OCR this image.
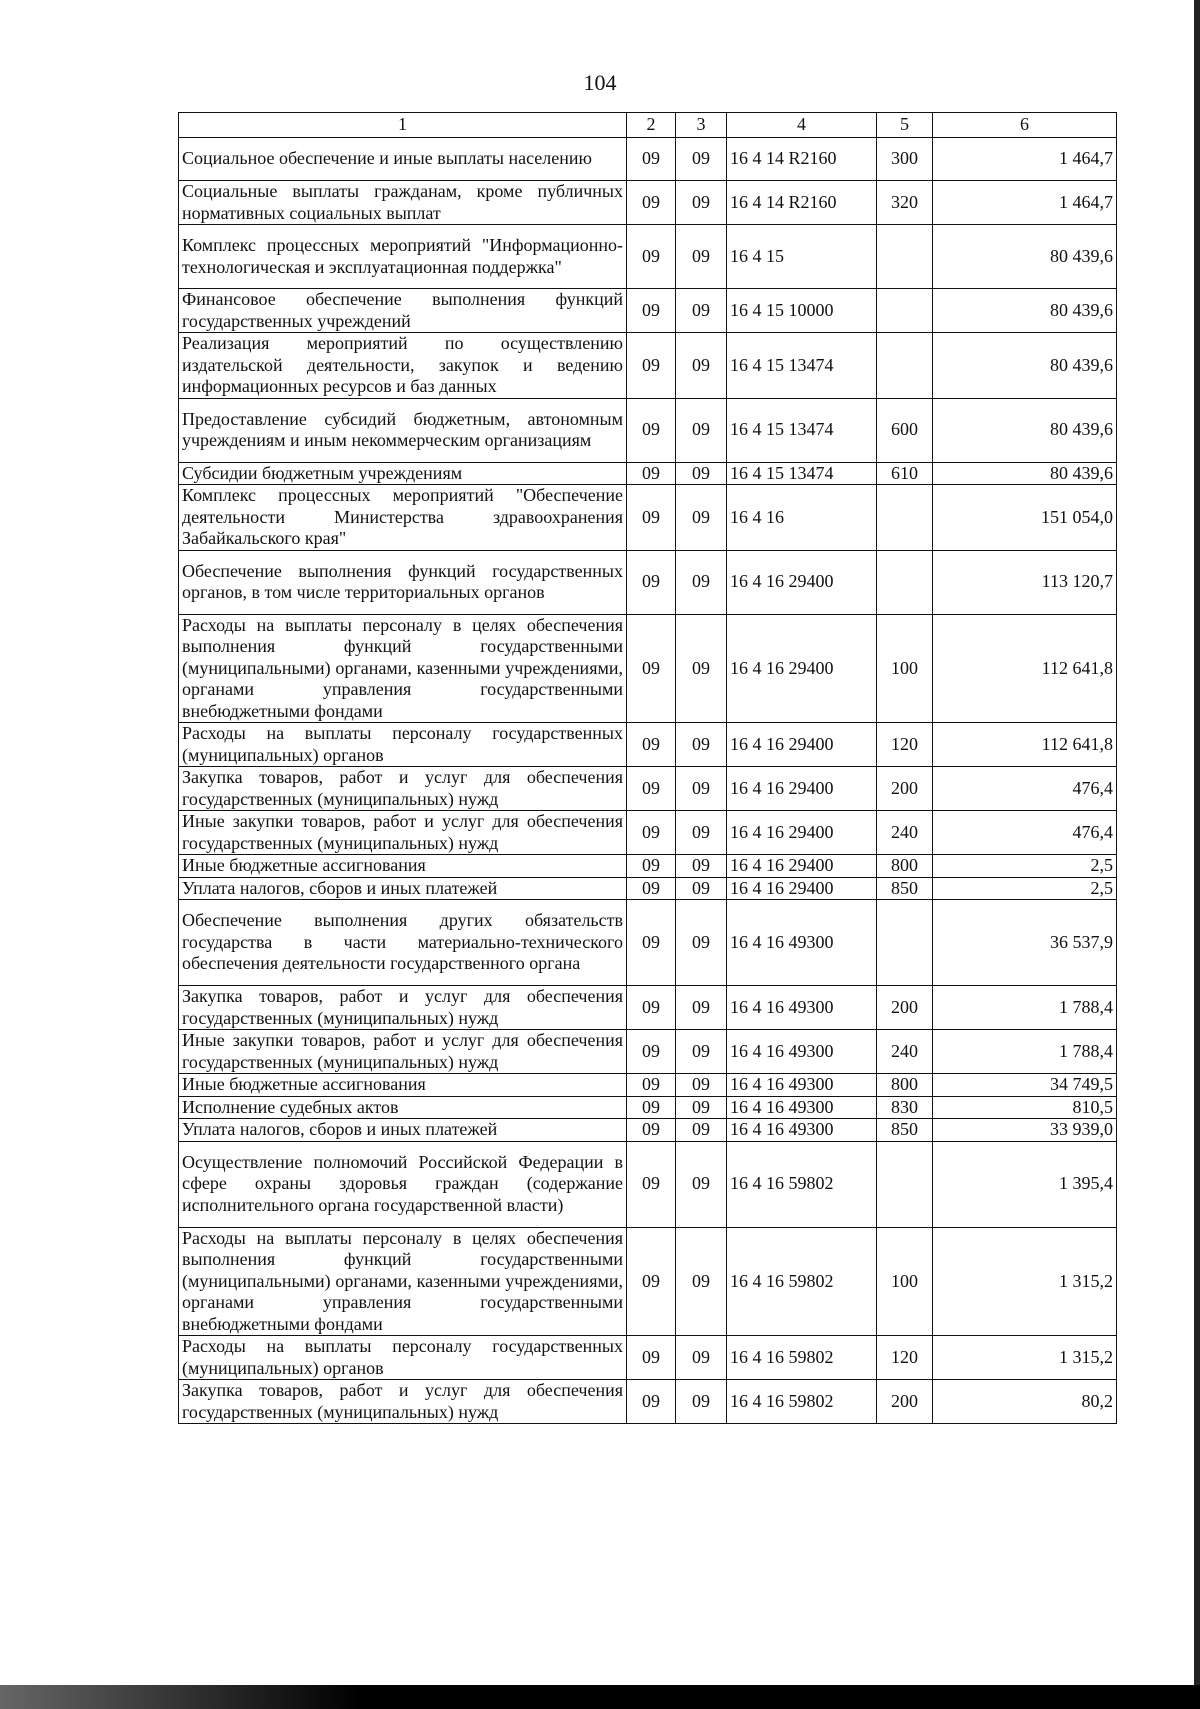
104
1	2	3	4	5	6
Социальное обеспечение и иные выплаты населению	09	09	16 4 14 R2160	300	1 464,7
Социальные выплаты гражданам, кроме публичных нормативных социальных выплат	09	09	16 4 14 R2160	320	1 464,7
Комплекс процессных мероприятий "Информационно-технологическая и эксплуатационная поддержка"	09	09	16 4 15		80 439,6
Финансовое обеспечение выполнения функций государственных учреждений	09	09	16 4 15 10000		80 439,6
Реализация мероприятий по осуществлению издательской деятельности, закупок и ведению информационных ресурсов и баз данных	09	09	16 4 15 13474		80 439,6
Предоставление субсидий бюджетным, автономным учреждениям и иным некоммерческим организациям	09	09	16 4 15 13474	600	80 439,6
Субсидии бюджетным учреждениям	09	09	16 4 15 13474	610	80 439,6
Комплекс процессных мероприятий "Обеспечение деятельности Министерства здравоохранения Забайкальского края"	09	09	16 4 16		151 054,0
Обеспечение выполнения функций государственных органов, в том числе территориальных органов	09	09	16 4 16 29400		113 120,7
Расходы на выплаты персоналу в целях обеспечения выполнения функций государственными (муниципальными) органами, казенными учреждениями, органами управления государственными внебюджетными фондами	09	09	16 4 16 29400	100	112 641,8
Расходы на выплаты персоналу государственных (муниципальных) органов	09	09	16 4 16 29400	120	112 641,8
Закупка товаров, работ и услуг для обеспечения государственных (муниципальных) нужд	09	09	16 4 16 29400	200	476,4
Иные закупки товаров, работ и услуг для обеспечения государственных (муниципальных) нужд	09	09	16 4 16 29400	240	476,4
Иные бюджетные ассигнования	09	09	16 4 16 29400	800	2,5
Уплата налогов, сборов и иных платежей	09	09	16 4 16 29400	850	2,5
Обеспечение выполнения других обязательств государства в части материально-технического обеспечения деятельности государственного органа	09	09	16 4 16 49300		36 537,9
Закупка товаров, работ и услуг для обеспечения государственных (муниципальных) нужд	09	09	16 4 16 49300	200	1 788,4
Иные закупки товаров, работ и услуг для обеспечения государственных (муниципальных) нужд	09	09	16 4 16 49300	240	1 788,4
Иные бюджетные ассигнования	09	09	16 4 16 49300	800	34 749,5
Исполнение судебных актов	09	09	16 4 16 49300	830	810,5
Уплата налогов, сборов и иных платежей	09	09	16 4 16 49300	850	33 939,0
Осуществление полномочий Российской Федерации в сфере охраны здоровья граждан (содержание исполнительного органа государственной власти)	09	09	16 4 16 59802		1 395,4
Расходы на выплаты персоналу в целях обеспечения выполнения функций государственными (муниципальными) органами, казенными учреждениями, органами управления государственными внебюджетными фондами	09	09	16 4 16 59802	100	1 315,2
Расходы на выплаты персоналу государственных (муниципальных) органов	09	09	16 4 16 59802	120	1 315,2
Закупка товаров, работ и услуг для обеспечения государственных (муниципальных) нужд	09	09	16 4 16 59802	200	80,2
